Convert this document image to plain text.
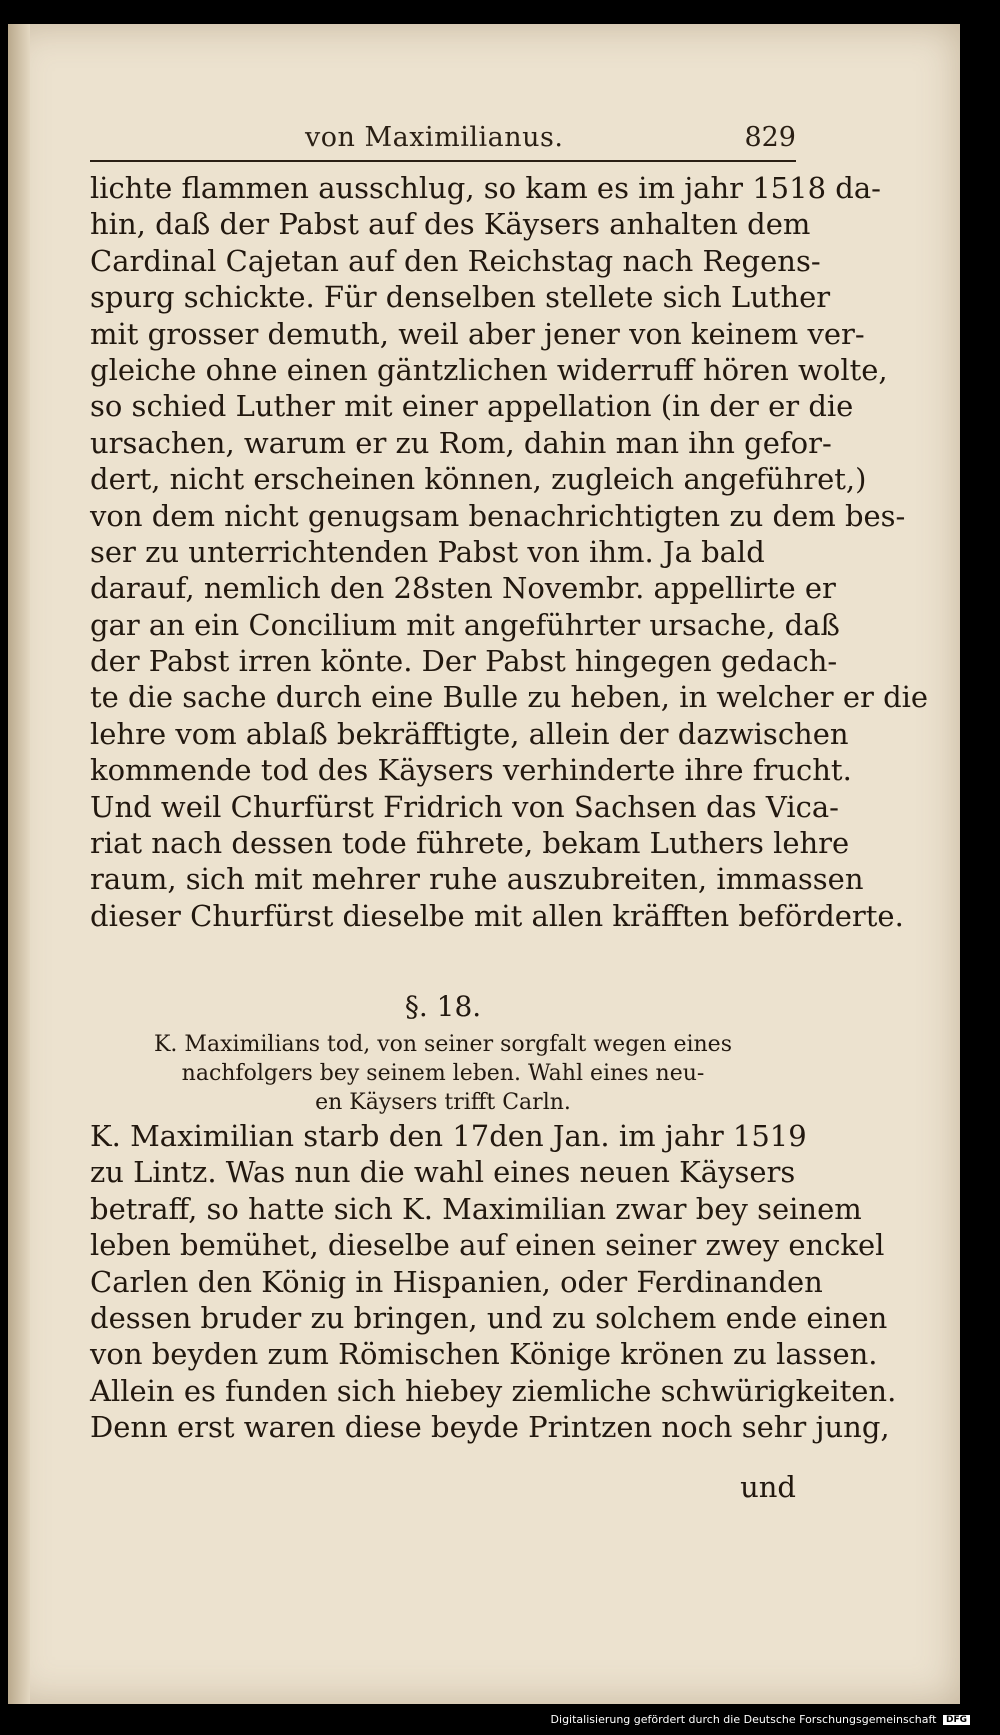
von Maximilianus.	829
lichte flammen ausschlug, so kam es im jahr 1518 da-
hin, daß der Pabst auf des Käysers anhalten dem
Cardinal Cajetan auf den Reichstag nach Regens-
spurg schickte. Für denselben stellete sich Luther
mit grosser demuth, weil aber jener von keinem ver-
gleiche ohne einen gäntzlichen widerruff hören wolte,
so schied Luther mit einer appellation (in der er die
ursachen, warum er zu Rom, dahin man ihn gefor-
dert, nicht erscheinen können, zugleich angeführet,)
von dem nicht genugsam benachrichtigten zu dem bes-
ser zu unterrichtenden Pabst von ihm. Ja bald
darauf, nemlich den 28sten Novembr. appellirte er
gar an ein Concilium mit angeführter ursache, daß
der Pabst irren könte. Der Pabst hingegen gedach-
te die sache durch eine Bulle zu heben, in welcher er die
lehre vom ablaß bekräfftigte, allein der dazwischen
kommende tod des Käysers verhinderte ihre frucht.
Und weil Churfürst Fridrich von Sachsen das Vica-
riat nach dessen tode führete, bekam Luthers lehre
raum, sich mit mehrer ruhe auszubreiten, immassen
dieser Churfürst dieselbe mit allen kräfften beförderte.
§. 18.
K. Maximilians tod, von seiner sorgfalt wegen eines
nachfolgers bey seinem leben. Wahl eines neu-
en Käysers trifft Carln.
K. Maximilian starb den 17den Jan. im jahr 1519
zu Lintz. Was nun die wahl eines neuen Käysers
betraff, so hatte sich K. Maximilian zwar bey seinem
leben bemühet, dieselbe auf einen seiner zwey enckel
Carlen den König in Hispanien, oder Ferdinanden
dessen bruder zu bringen, und zu solchem ende einen
von beyden zum Römischen Könige krönen zu lassen.
Allein es funden sich hiebey ziemliche schwürigkeiten.
Denn erst waren diese beyde Printzen noch sehr jung,
und
Digitalisierung gefördert durch die Deutsche Forschungsgemeinschaft DFG
